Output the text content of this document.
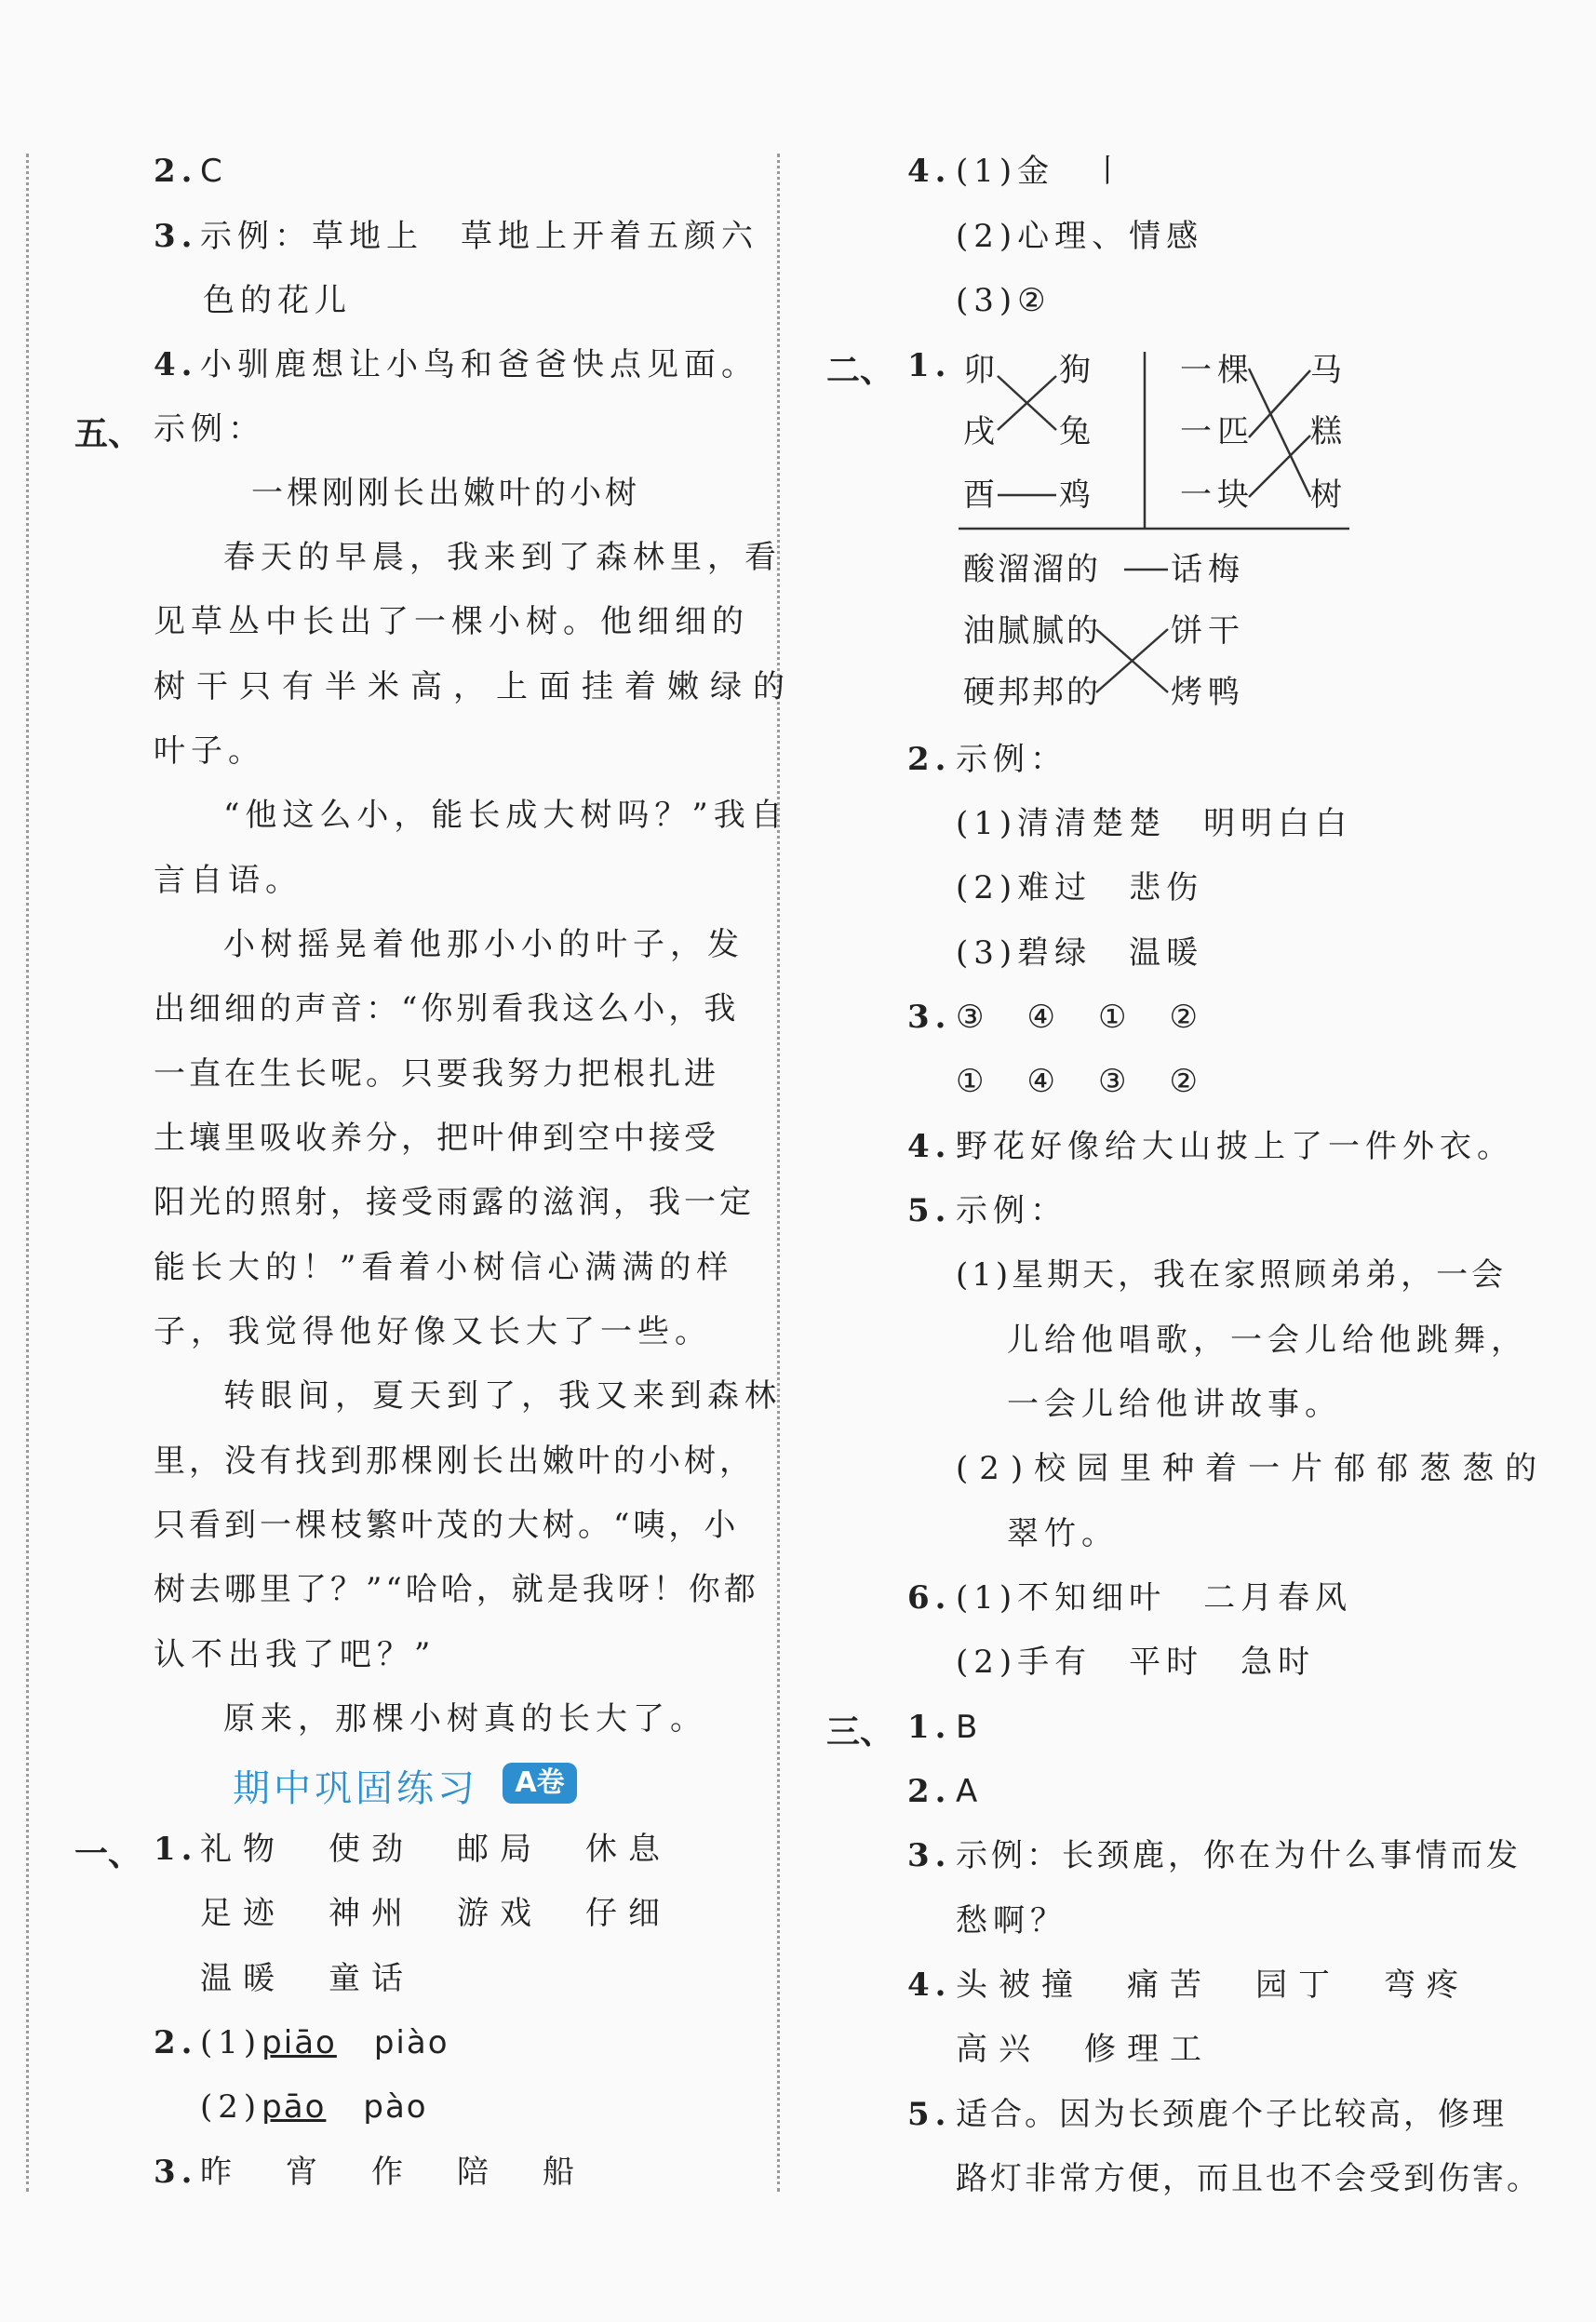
2. C
3. 示例：草地上　草地上开着五颜六
色的花儿
4. 小驯鹿想让小鸟和爸爸快点见面。
五、 示例：
一棵刚刚长出嫩叶的小树
春天的早晨，我来到了森林里，看
见草丛中长出了一棵小树。他细细的
树干只有半米高，上面挂着嫩绿的
叶子。
“他这么小，能长成大树吗？”我自
言自语。
小树摇晃着他那小小的叶子，发
出细细的声音：“你别看我这么小，我
一直在生长呢。只要我努力把根扎进
土壤里吸收养分，把叶伸到空中接受
阳光的照射，接受雨露的滋润，我一定
能长大的！”看着小树信心满满的样
子，我觉得他好像又长大了一些。
转眼间，夏天到了，我又来到森林
里，没有找到那棵刚长出嫩叶的小树，
只看到一棵枝繁叶茂的大树。“咦，小
树去哪里了？”“哈哈，就是我呀！你都
认不出我了吧？”
原来，那棵小树真的长大了。
期中巩固练习	A卷
一、 1. 礼物　使劲　邮局　休息
足迹　神州　游戏　仔细
温暖　童话
2. (1)piāo　 piào
(2)pāo　 pào
3. 昨　宵　作　陪　船
4. (1)金　丨
(2)心理、情感
(3)②
二、 1. 卯
戌
酉
狗
兔
鸡
一棵
一匹
一块
马
糕
树
酸溜溜的
油腻腻的
硬邦邦的
话梅
饼干
烤鸭
2. 示例：
(1)清清楚楚　明明白白
(2)难过　悲伤
(3)碧绿　温暖
3. ③　④　①　②
①　④　③　②
4. 野花好像给大山披上了一件外衣。
5. 示例：
(1)星期天，我在家照顾弟弟，一会
儿给他唱歌，一会儿给他跳舞，
一会儿给他讲故事。
(2)校园里种着一片郁郁葱葱的
翠竹。
6. (1)不知细叶　二月春风
(2)手有　平时　急时
三、 1. B
2. A
3. 示例：长颈鹿，你在为什么事情而发
愁啊？
4. 头被撞　痛苦　园丁　弯疼
高兴　修理工
5. 适合。因为长颈鹿个子比较高，修理
路灯非常方便，而且也不会受到伤害。
